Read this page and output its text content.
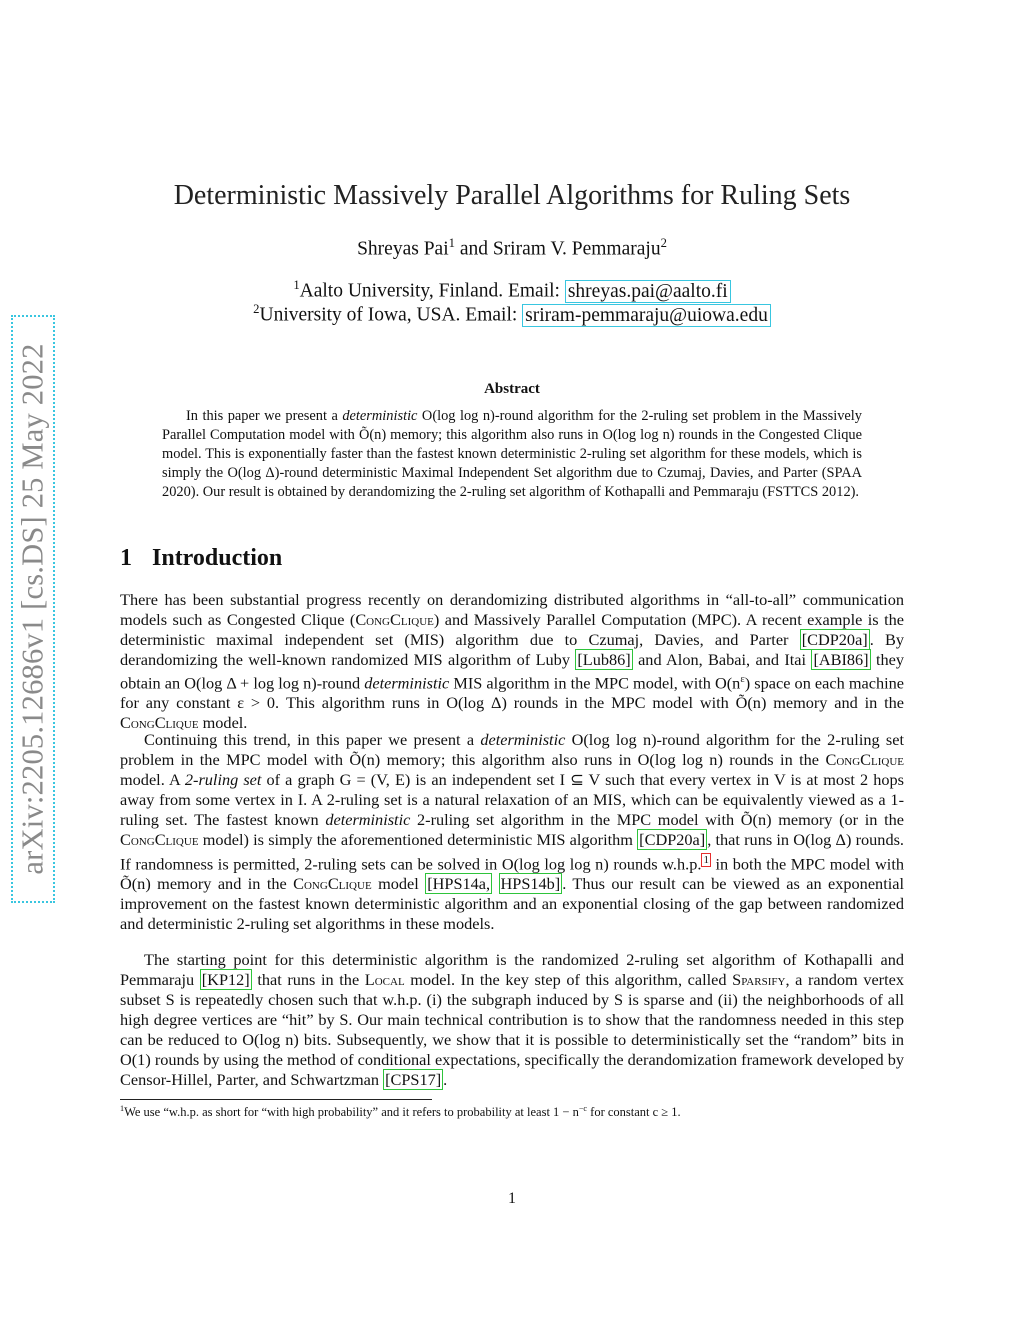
arXiv:2205.12686v1 [cs.DS] 25 May 2022
Deterministic Massively Parallel Algorithms for Ruling Sets
Shreyas Pai$^1$ and Sriram V. Pemmaraju$^2$
$^1$Aalto University, Finland. Email: shreyas.pai@aalto.fi
$^2$University of Iowa, USA. Email: sriram-pemmaraju@uiowa.edu
Abstract
In this paper we present a deterministic O(log log n)-round algorithm for the 2-ruling set problem in the Massively Parallel Computation model with Õ(n) memory; this algorithm also runs in O(log log n) rounds in the Congested Clique model. This is exponentially faster than the fastest known deterministic 2-ruling set algorithm for these models, which is simply the O(log Δ)-round deterministic Maximal Independent Set algorithm due to Czumaj, Davies, and Parter (SPAA 2020). Our result is obtained by derandomizing the 2-ruling set algorithm of Kothapalli and Pemmaraju (FSTTCS 2012).
1 Introduction
There has been substantial progress recently on derandomizing distributed algorithms in “all-to-all” communication models such as Congested Clique (CongClique) and Massively Parallel Computation (MPC). A recent example is the deterministic maximal independent set (MIS) algorithm due to Czumaj, Davies, and Parter [CDP20a] . By derandomizing the well-known randomized MIS algorithm of Luby [Lub86] and Alon, Babai, and Itai [ABI86] they obtain an O(log Δ + log log n)-round deterministic MIS algorithm in the MPC model, with $O(n^\varepsilon)$ space on each machine for any constant ε > 0. This algorithm runs in O(log Δ) rounds in the MPC model with Õ(n) memory and in the CongClique model.
Continuing this trend, in this paper we present a deterministic O(log log n)-round algorithm for the 2-ruling set problem in the MPC model with Õ(n) memory; this algorithm also runs in O(log log n) rounds in the CongClique model. A 2-ruling set of a graph G = (V, E) is an independent set I ⊆ V such that every vertex in V is at most 2 hops away from some vertex in I. A 2-ruling set is a natural relaxation of an MIS, which can be equivalently viewed as a 1-ruling set. The fastest known deterministic 2-ruling set algorithm in the MPC model with Õ(n) memory (or in the CongClique model) is simply the aforementioned deterministic MIS algorithm [CDP20a] , that runs in O(log Δ) rounds. If randomness is permitted, 2-ruling sets can be solved in O(log log log n) rounds w.h.p. $^1$ in both the MPC model with Õ(n) memory and in the CongClique model [HPS14a, HPS14b] . Thus our result can be viewed as an exponential improvement on the fastest known deterministic algorithm and an exponential closing of the gap between randomized and deterministic 2-ruling set algorithms in these models.
The starting point for this deterministic algorithm is the randomized 2-ruling set algorithm of Kothapalli and Pemmaraju [KP12] that runs in the Local model. In the key step of this algorithm, called Sparsify, a random vertex subset S is repeatedly chosen such that w.h.p. (i) the subgraph induced by S is sparse and (ii) the neighborhoods of all high degree vertices are “hit” by S. Our main technical contribution is to show that the randomness needed in this step can be reduced to O(log n) bits. Subsequently, we show that it is possible to deterministically set the “random” bits in O(1) rounds by using the method of conditional expectations, specifically the derandomization framework developed by Censor-Hillel, Parter, and Schwartzman [CPS17] .
$^1$We use “w.h.p. as short for “with high probability” and it refers to probability at least $1 - n^{-c}$ for constant c ≥ 1.
1
